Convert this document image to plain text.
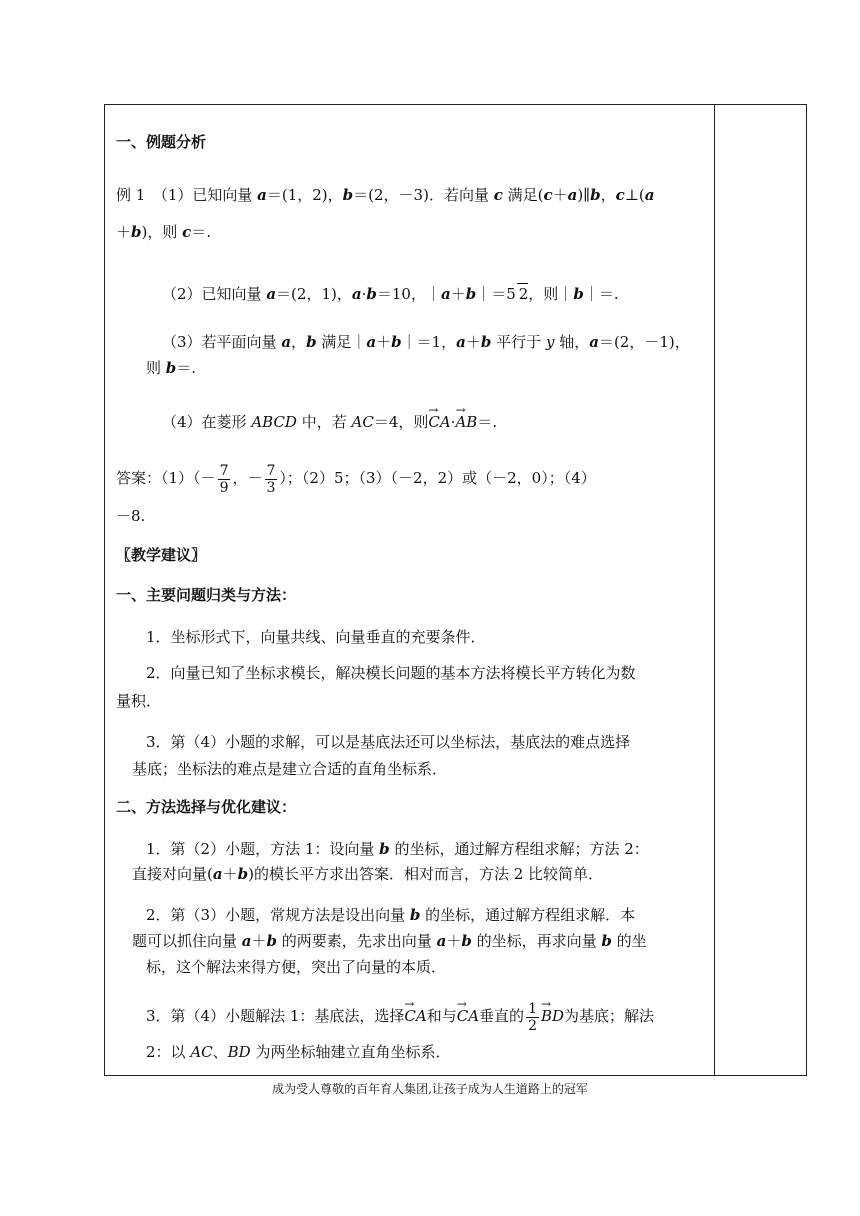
一、例题分析
例 1　（1）已知向量 a＝(1，2)，b＝(2，－3)．若向量 c 满足(c＋a)∥b，c⊥(a
＋b)，则 c＝.
（2）已知向量 a＝(2，1)，a·b＝10，｜a＋b｜＝5 2，则｜b｜＝.
（3）若平面向量 a，b 满足｜a＋b｜＝1，a＋b 平行于 y 轴，a＝(2，－1)，
则 b＝.
（4）在菱形 ABCD 中，若 AC＝4，则→ CA·→ AB＝.
答案：$(1)(- \frac{7}{9}$ ，－ $\frac{7}{3}$ ）；（2）5；（3）（－2，2）或（－2，0）；（4）
－8.
〖教学建议〗
一、主要问题归类与方法：
1．坐标形式下，向量共线、向量垂直的充要条件．
2．向量已知了坐标求模长，解决模长问题的基本方法将模长平方转化为数
量积．
3．第（4）小题的求解，可以是基底法还可以坐标法，基底法的难点选择
基底；坐标法的难点是建立合适的直角坐标系．
二、方法选择与优化建议：
1．第（2）小题，方法 1：设向量 b 的坐标，通过解方程组求解；方法 2：
直接对向量(a＋b)的模长平方求出答案．相对而言，方法 2 比较简单．
2．第（3）小题，常规方法是设出向量 b 的坐标，通过解方程组求解．本
题可以抓住向量 a＋b 的两要素，先求出向量 a＋b 的坐标，再求向量 b 的坐
标，这个解法来得方便，突出了向量的本质．
3．第（4）小题解法 1：基底法，选择→ CA和与→ CA垂直的 $\frac{1}{2}$
→ BD为基底；解法
2：以 AC、BD 为两坐标轴建立直角坐标系．
成为受人尊敬的百年育人集团,让孩子成为人生道路上的冠军
